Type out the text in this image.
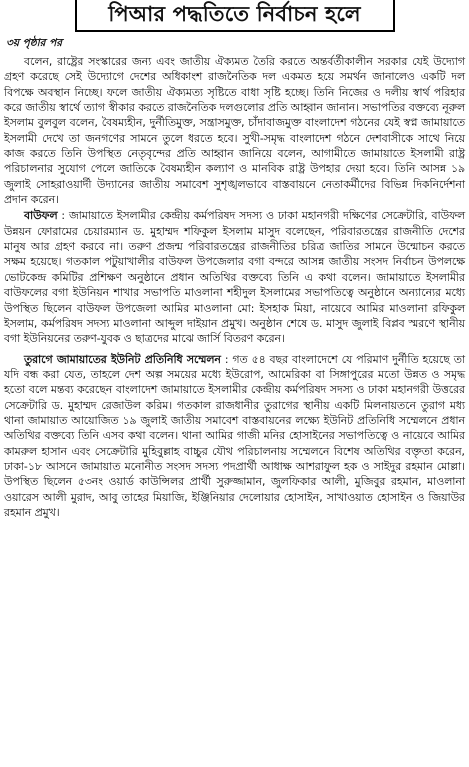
পিআর পদ্ধতিতে নির্বাচন হলে
৩য় পৃষ্ঠার পর

বলেন, রাষ্ট্রের সংস্কারের জন্য এবং জাতীয় ঐক্যমত তৈরি করতে অন্তর্বর্তীকালীন সরকার যেই উদ্যোগ গ্রহণ করেছে সেই উদ্যোগে দেশের অধিকাংশ রাজনৈতিক দল একমত হয়ে সমর্থন জানালেও একটি দল বিপক্ষে অবস্থান নিচ্ছে। ফলে জাতীয় ঐক্যমত্য সৃষ্টিতে বাধা সৃষ্টি হচ্ছে। তিনি নিজের ও দলীয় স্বার্থ পরিহার করে জাতীয় স্বার্থে ত্যাগ স্বীকার করতে রাজনৈতিক দলগুলোর প্রতি আহ্বান জানান। সভাপতির বক্তব্যে নূরুল ইসলাম বুলবুল বলেন, বৈষম্যহীন, দুর্নীতিমুক্ত, সন্ত্রাসমুক্ত, চাঁদাবাজমুক্ত বাংলাদেশ গঠনের যেই স্বপ্ন জামায়াতে ইসলামী দেখে তা জনগণের সামনে তুলে ধরতে হবে। সুখী-সমৃদ্ধ বাংলাদেশ গঠনে দেশবাসীকে সাথে নিয়ে কাজ করতে তিনি উপস্থিত নেতৃবৃন্দের প্রতি আহ্বান জানিয়ে বলেন, আগামীতে জামায়াতে ইসলামী রাষ্ট্র পরিচালনার সুযোগ পেলে জাতিকে বৈষম্যহীন কল্যাণ ও মানবিক রাষ্ট্র উপহার দেয়া হবে। তিনি আসন্ন ১৯ জুলাই সোহরাওয়ার্দী উদ্যানের জাতীয় সমাবেশ সুশৃঙ্খলভাবে বাস্তবায়নে নেতাকর্মীদের বিভিন্ন দিকনির্দেশনা প্রদান করেন।

বাউফল : জামায়াতে ইসলামীর কেন্দ্রীয় কর্মপরিষদ সদস্য ও ঢাকা মহানগরী দক্ষিণের সেক্রেটারি, বাউফল উন্নয়ন ফোরামের চেয়ারম্যান ড. মুহাম্মদ শফিকুল ইসলাম মাসুদ বলেছেন, পরিবারতন্ত্রের রাজনীতি দেশের মানুষ আর গ্রহণ করবে না। তরুণ প্রজন্ম পরিবারতন্ত্রের রাজনীতির চরিত্র জাতির সামনে উন্মোচন করতে সক্ষম হয়েছে। গতকাল পটুয়াখালীর বাউফল উপজেলার বগা বন্দরে আসন্ন জাতীয় সংসদ নির্বাচন উপলক্ষে ভোটকেন্দ্র কমিটির প্রশিক্ষণ অনুষ্ঠানে প্রধান অতিথির বক্তব্যে তিনি এ কথা বলেন। জামায়াতে ইসলামীর বাউফলের বগা ইউনিয়ন শাখার সভাপতি মাওলানা শহীদুল ইসলামের সভাপতিত্বে অনুষ্ঠানে অন্যান্যের মধ্যে উপস্থিত ছিলেন বাউফল উপজেলা আমির মাওলানা মো: ইসহাক মিয়া, নায়েবে আমির মাওলানা রফিকুল ইসলাম, কর্মপরিষদ সদস্য মাওলানা আব্দুল দাইয়ান প্রমুখ। অনুষ্ঠান শেষে ড. মাসুদ জুলাই বিপ্লব স্মরণে স্থানীয় বগা ইউনিয়নের তরুণ-যুবক ও ছাত্রদের মাঝে জার্সি বিতরণ করেন।

তুরাগে জামায়াতের ইউনিট প্রতিনিধি সম্মেলন : গত ৫৪ বছর বাংলাদেশে যে পরিমাণ দুর্নীতি হয়েছে তা যদি বন্ধ করা যেত, তাহলে দেশ অল্প সময়ের মধ্যে ইউরোপ, আমেরিকা বা সিঙ্গাপুরের মতো উন্নত ও সমৃদ্ধ হতো বলে মন্তব্য করেছেন বাংলাদেশ জামায়াতে ইসলামীর কেন্দ্রীয় কর্মপরিষদ সদস্য ও ঢাকা মহানগরী উত্তরের সেক্রেটারি ড. মুহাম্মদ রেজাউল করিম। গতকাল রাজধানীর তুরাগের স্থানীয় একটি মিলনায়তনে তুরাগ মধ্য থানা জামায়াত আয়োজিত ১৯ জুলাই জাতীয় সমাবেশ বাস্তবায়নের লক্ষ্যে ইউনিট প্রতিনিধি সম্মেলনে প্রধান অতিথির বক্তব্যে তিনি এসব কথা বলেন। থানা আমির গাজী মনির হোসাইনের সভাপতিত্বে ও নায়েবে আমির কামরুল হাসান এবং সেক্রেটারি মুহিবুল্লাহ বাচ্চুর যৌথ পরিচালনায় সম্মেলনে বিশেষ অতিথির বক্তৃতা করেন, ঢাকা-১৮ আসনে জামায়াত মনোনীত সংসদ সদস্য পদপ্রার্থী আধাক্ষ আশরাফুল হক ও সাইদুর রহমান মোল্লা। উপস্থিত ছিলেন ৫৩নং ওয়ার্ড কাউন্সিলর প্রার্থী সুরুজ্জামান, জুলফিকার আলী, মুজিবুর রহমান, মাওলানা ওয়ারেস আলী মুরাদ, আবু তাহের মিয়াজি, ইঞ্জিনিয়ার দেলোয়ার হোসাইন, সাখাওয়াত হোসাইন ও জিয়াউর রহমান প্রমুখ।
